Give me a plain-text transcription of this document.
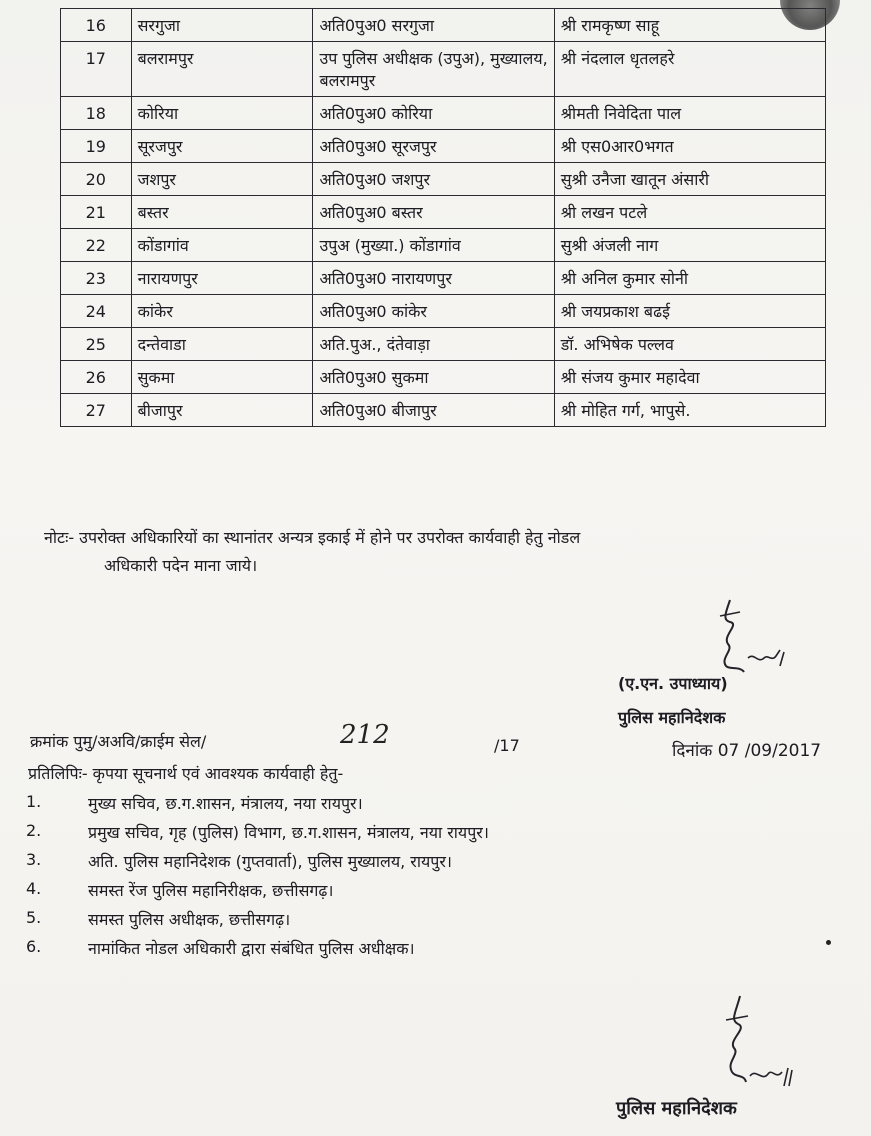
16	सरगुजा	अति0पुअ0 सरगुजा	श्री रामकृष्ण साहू
17	बलरामपुर	उप पुलिस अधीक्षक (उपुअ), मुख्यालय, बलरामपुर	श्री नंदलाल धृतलहरे
18	कोरिया	अति0पुअ0 कोरिया	श्रीमती निवेदिता पाल
19	सूरजपुर	अति0पुअ0 सूरजपुर	श्री एस0आर0भगत
20	जशपुर	अति0पुअ0 जशपुर	सुश्री उनैजा खातून अंसारी
21	बस्तर	अति0पुअ0 बस्तर	श्री लखन पटले
22	कोंडागांव	उपुअ (मुख्या.) कोंडागांव	सुश्री अंजली नाग
23	नारायणपुर	अति0पुअ0 नारायणपुर	श्री अनिल कुमार सोनी
24	कांकेर	अति0पुअ0 कांकेर	श्री जयप्रकाश बढई
25	दन्तेवाडा	अति.पुअ., दंतेवाड़ा	डॉ. अभिषेक पल्लव
26	सुकमा	अति0पुअ0 सुकमा	श्री संजय कुमार महादेवा
27	बीजापुर	अति0पुअ0 बीजापुर	श्री मोहित गर्ग, भापुसे.
नोटः- उपरोक्त अधिकारियों का स्थानांतर अन्यत्र इकाई में होने पर उपरोक्त कार्यवाही हेतु नोडल
अधिकारी पदेन माना जाये।
(ए.एन. उपाध्याय)
पुलिस महानिदेशक
क्रमांक पुमु/अअवि/क्राईम सेल/	212	/17	दिनांक 07 /09/2017
प्रतिलिपिः- कृपया सूचनार्थ एवं आवश्यक कार्यवाही हेतु-
1.	मुख्य सचिव, छ.ग.शासन, मंत्रालय, नया रायपुर।
2.	प्रमुख सचिव, गृह (पुलिस) विभाग, छ.ग.शासन, मंत्रालय, नया रायपुर।
3.	अति. पुलिस महानिदेशक (गुप्तवार्ता), पुलिस मुख्यालय, रायपुर।
4.	समस्त रेंज पुलिस महानिरीक्षक, छत्तीसगढ़।
5.	समस्त पुलिस अधीक्षक, छत्तीसगढ़।
6.	नामांकित नोडल अधिकारी द्वारा संबंधित पुलिस अधीक्षक।
पुलिस महानिदेशक
